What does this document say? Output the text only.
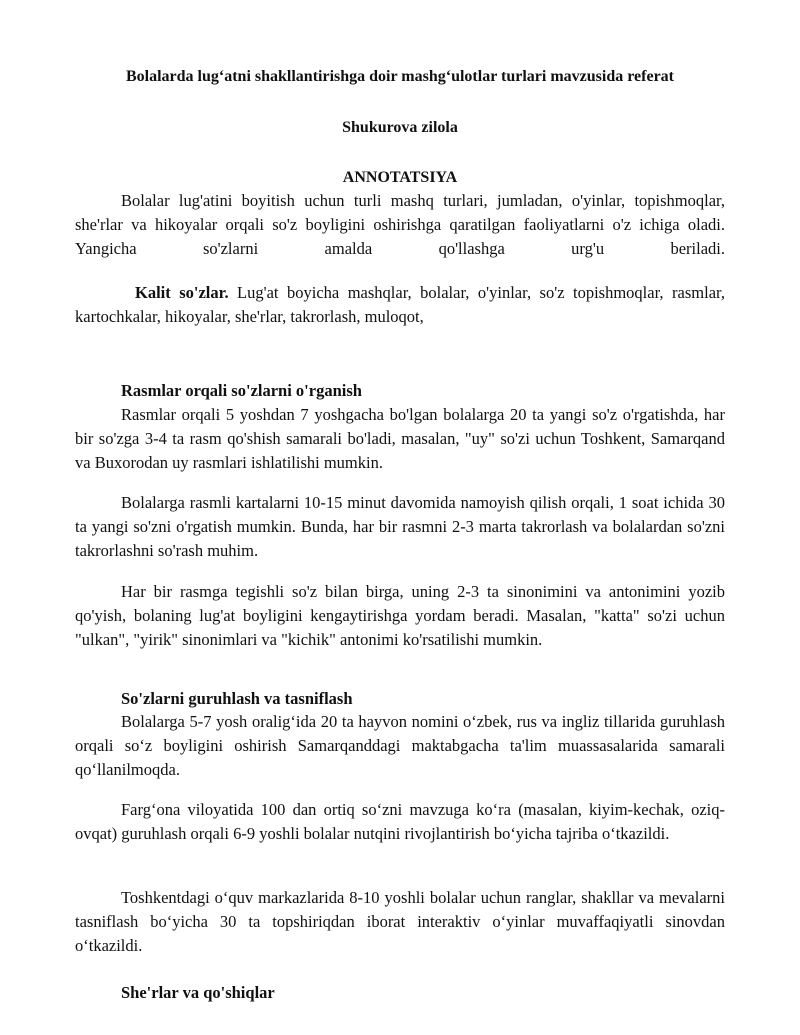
Bolalarda lug‘atni shakllantirishga doir mashg‘ulotlar turlari mavzusida referat
Shukurova zilola
ANNOTATSIYA

Bolalar lug'atini boyitish uchun turli mashq turlari, jumladan, o'yinlar, topishmoqlar, she'rlar va hikoyalar orqali so'z boyligini oshirishga qaratilgan faoliyatlarni o'z ichiga oladi. Yangicha so'zlarni amalda qo'llashga urg'u beriladi.

Kalit so'zlar. Lug'at boyicha mashqlar, bolalar, o'yinlar, so'z topishmoqlar, rasmlar, kartochkalar, hikoyalar, she'rlar, takrorlash, muloqot,

Rasmlar orqali so'zlarni o'rganish

Rasmlar orqali 5 yoshdan 7 yoshgacha bo'lgan bolalarga 20 ta yangi so'z o'rgatishda, har bir so'zga 3-4 ta rasm qo'shish samarali bo'ladi, masalan, "uy" so'zi uchun Toshkent, Samarqand va Buxorodan uy rasmlari ishlatilishi mumkin.

Bolalarga rasmli kartalarni 10-15 minut davomida namoyish qilish orqali, 1 soat ichida 30 ta yangi so'zni o'rgatish mumkin. Bunda, har bir rasmni 2-3 marta takrorlash va bolalardan so'zni takrorlashni so'rash muhim.

Har bir rasmga tegishli so'z bilan birga, uning 2-3 ta sinonimini va antonimini yozib qo'yish, bolaning lug'at boyligini kengaytirishga yordam beradi. Masalan, "katta" so'zi uchun "ulkan", "yirik" sinonimlari va "kichik" antonimi ko'rsatilishi mumkin.

So'zlarni guruhlash va tasniflash

Bolalarga 5-7 yosh oralig‘ida 20 ta hayvon nomini o‘zbek, rus va ingliz tillarida guruhlash orqali so‘z boyligini oshirish Samarqanddagi maktabgacha ta'lim muassasalarida samarali qo‘llanilmoqda.

Farg‘ona viloyatida 100 dan ortiq so‘zni mavzuga ko‘ra (masalan, kiyim-kechak, oziq-ovqat) guruhlash orqali 6-9 yoshli bolalar nutqini rivojlantirish bo‘yicha tajriba o‘tkazildi.

Toshkentdagi o‘quv markazlarida 8-10 yoshli bolalar uchun ranglar, shakllar va mevalarni tasniflash bo‘yicha 30 ta topshiriqdan iborat interaktiv o‘yinlar muvaffaqiyatli sinovdan o‘tkazildi.

She'rlar va qo'shiqlar
